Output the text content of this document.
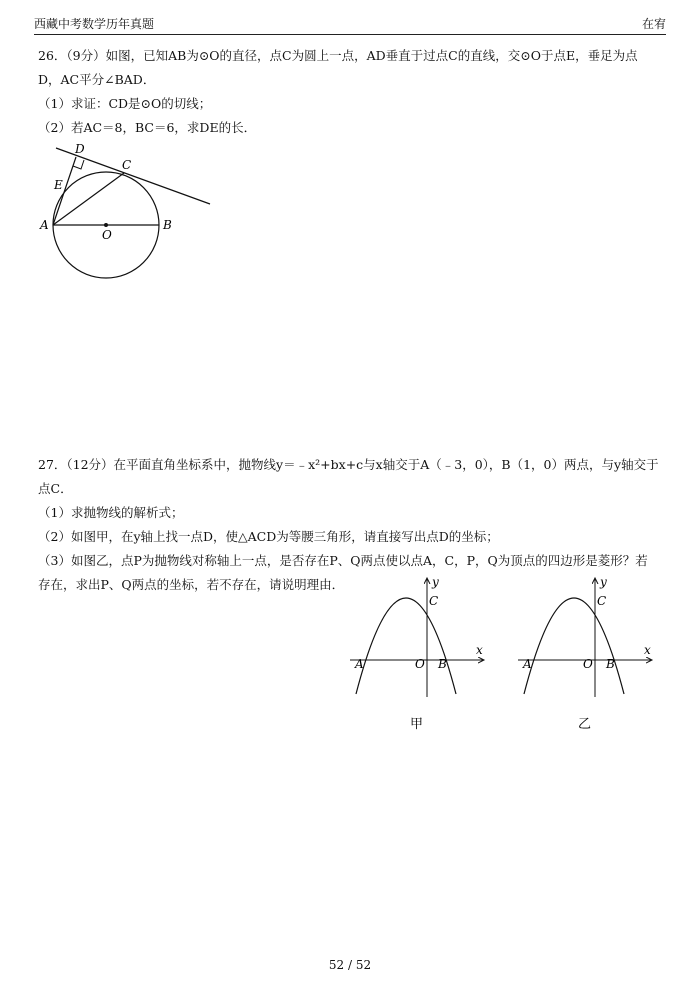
西藏中考数学历年真题	在宥

26．（9分）如图，已知AB为⊙O的直径，点C为圆上一点，AD垂直于过点C的直线，交⊙O于点E，垂足为点

D，AC平分∠BAD．

（1）求证：CD是⊙O的切线；

（2）若AC＝8，BC＝6，求DE的长．

D
C
E
A
O
B

27．（12分）在平面直角坐标系中，抛物线y＝﹣x²+bx+c与x轴交于A（﹣3，0），B（1，0）两点，与y轴交于

点C．

（1）求抛物线的解析式；

（2）如图甲，在y轴上找一点D，使△ACD为等腰三角形，请直接写出点D的坐标；

（3）如图乙，点P为抛物线对称轴上一点，是否存在P、Q两点使以点A，C，P，Q为顶点的四边形是菱形？若

存在，求出P、Q两点的坐标，若不存在，请说明理由．	y
x
C
A	O B
甲
y
x
C
A	O B
乙
52 / 52
